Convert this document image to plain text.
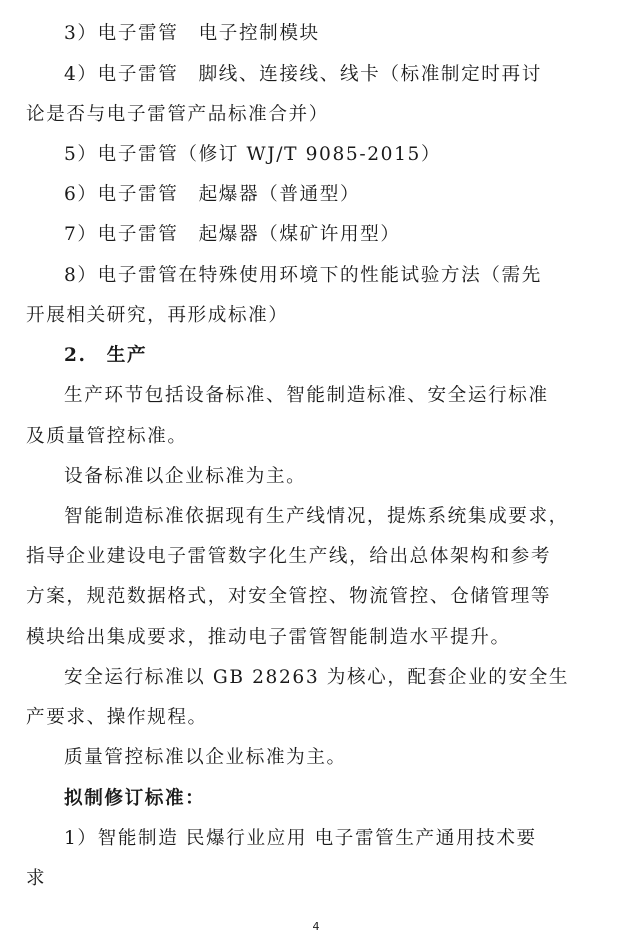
3）电子雷管　电子控制模块

4）电子雷管　脚线、连接线、线卡（标准制定时再讨

论是否与电子雷管产品标准合并）

5）电子雷管（修订 WJ/T 9085-2015）

6）电子雷管　起爆器（普通型）

7）电子雷管　起爆器（煤矿许用型）

8）电子雷管在特殊使用环境下的性能试验方法（需先

开展相关研究，再形成标准）

2.　生产

生产环节包括设备标准、智能制造标准、安全运行标准

及质量管控标准。

设备标准以企业标准为主。

智能制造标准依据现有生产线情况，提炼系统集成要求，

指导企业建设电子雷管数字化生产线，给出总体架构和参考

方案，规范数据格式，对安全管控、物流管控、仓储管理等

模块给出集成要求，推动电子雷管智能制造水平提升。

安全运行标准以 GB 28263 为核心，配套企业的安全生

产要求、操作规程。

质量管控标准以企业标准为主。

拟制修订标准：

1）智能制造 民爆行业应用 电子雷管生产通用技术要

求

4
